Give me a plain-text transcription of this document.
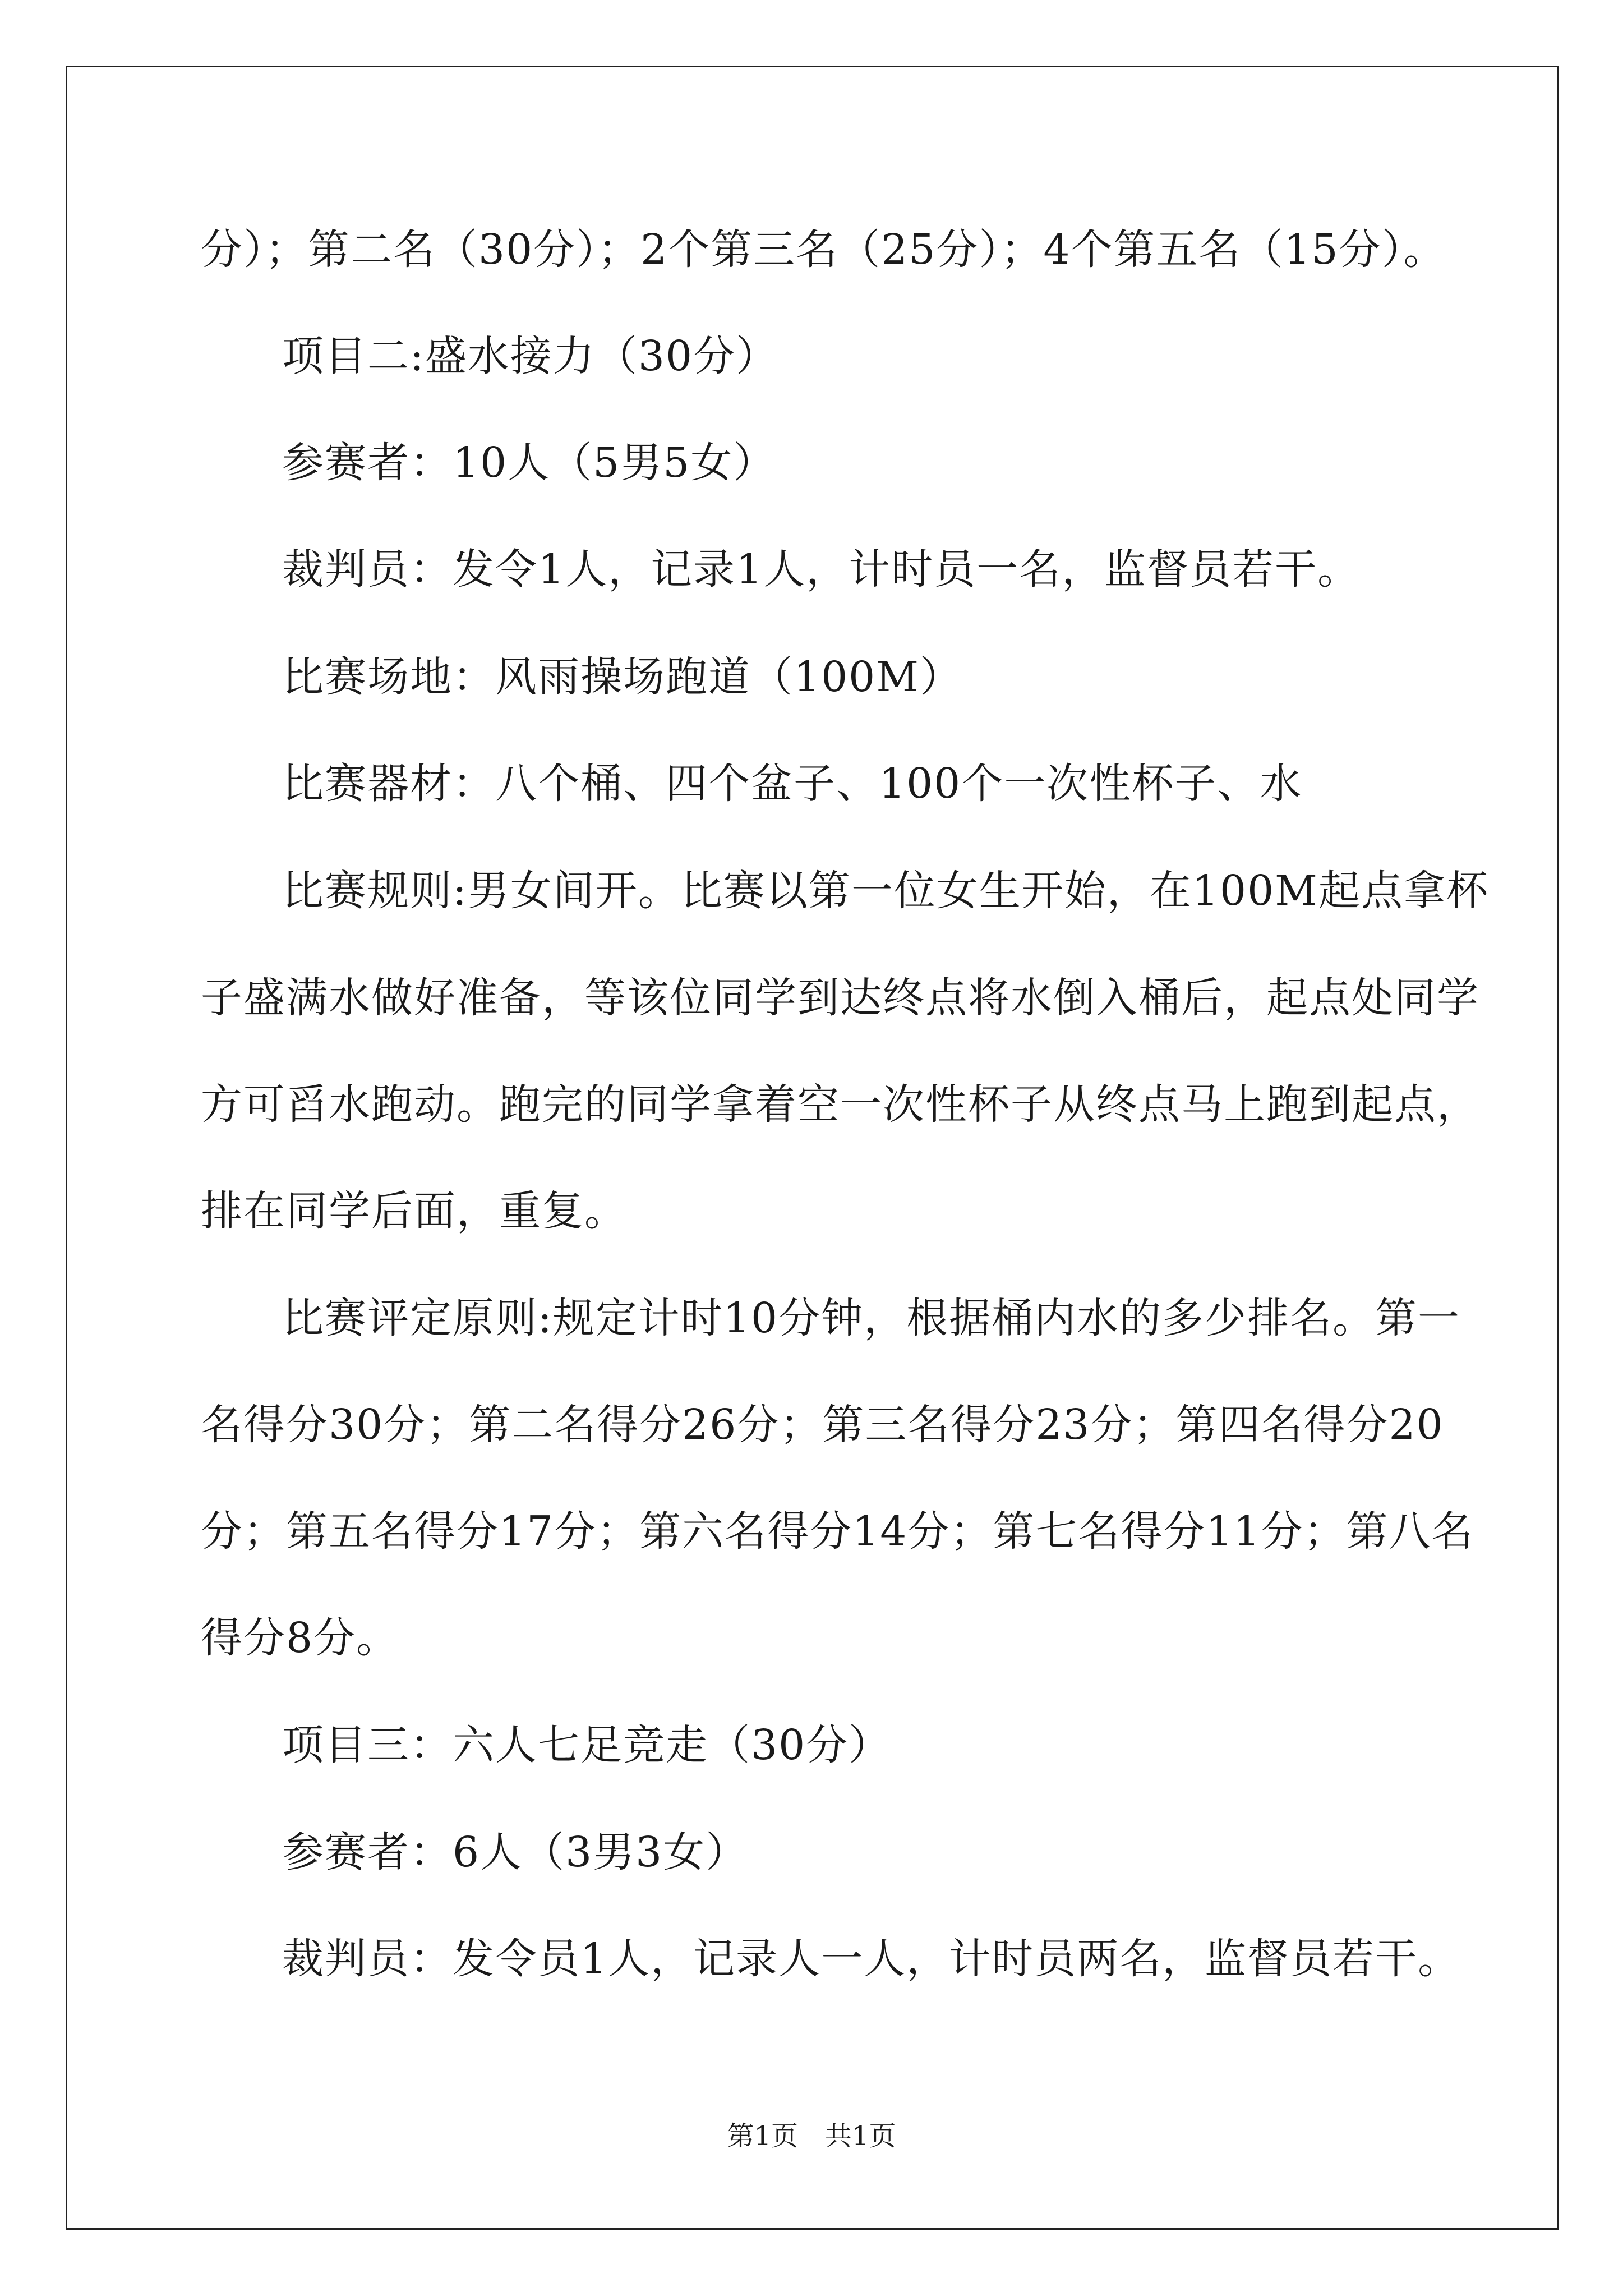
分）；第二名（30分）；2个第三名（25分）；4个第五名（15分）。
项目二:盛水接力（30分）
参赛者：10人（5男5女）
裁判员：发令1人，记录1人，计时员一名，监督员若干。
比赛场地：风雨操场跑道（100M）
比赛器材：八个桶、四个盆子、100个一次性杯子、水
比赛规则:男女间开。比赛以第一位女生开始，在100M起点拿杯
子盛满水做好准备，等该位同学到达终点将水倒入桶后，起点处同学
方可舀水跑动。跑完的同学拿着空一次性杯子从终点马上跑到起点，
排在同学后面，重复。
比赛评定原则:规定计时10分钟，根据桶内水的多少排名。第一
名得分30分；第二名得分26分；第三名得分23分；第四名得分20
分；第五名得分17分；第六名得分14分；第七名得分11分；第八名
得分8分。
项目三：六人七足竞走（30分）
参赛者：6人（3男3女）
裁判员：发令员1人，记录人一人，计时员两名，监督员若干。
第1页　共1页
